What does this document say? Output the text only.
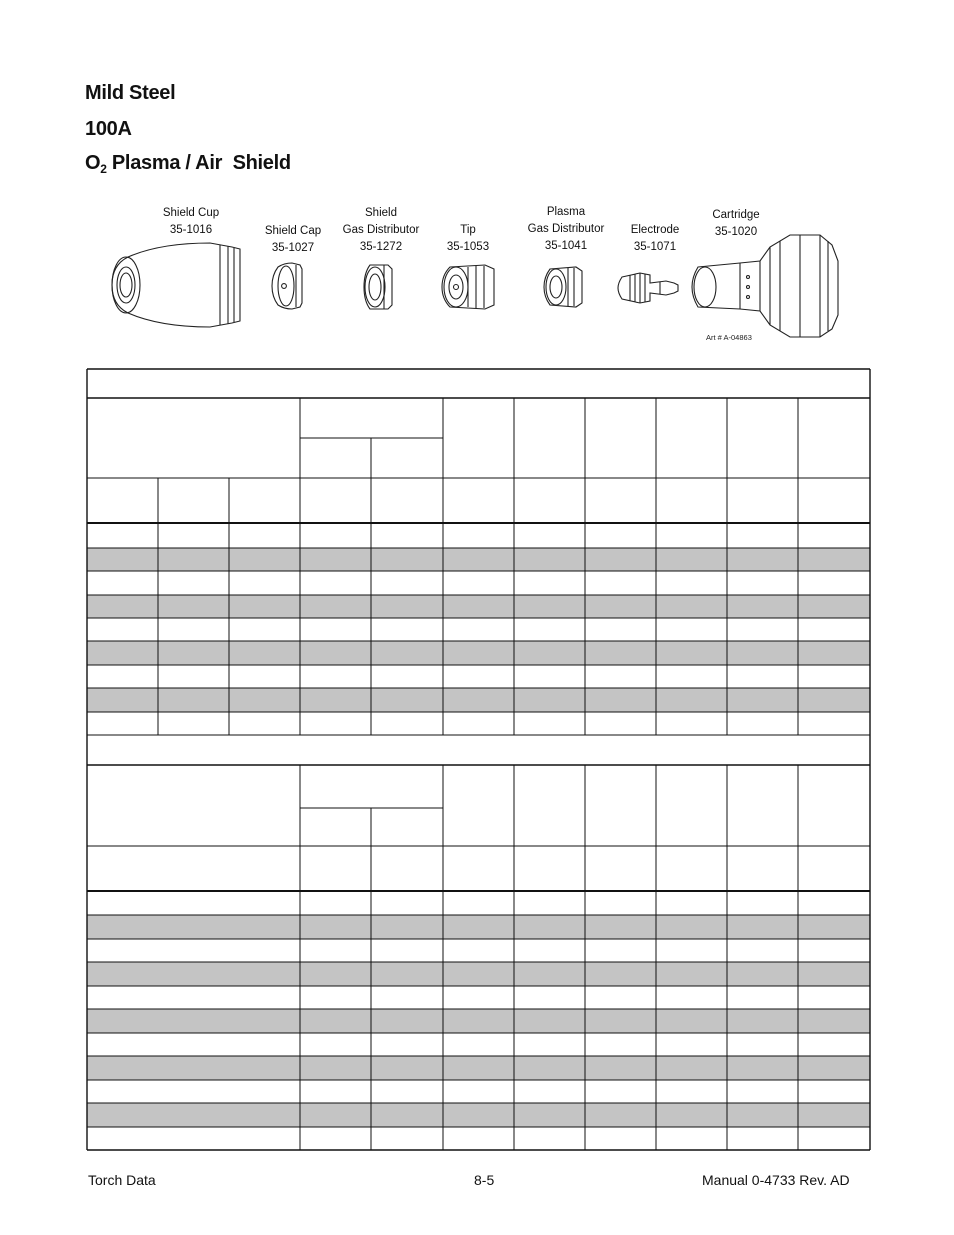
Mild Steel
100A
$O_2$ Plasma / Air  Shield
Shield Cup
35-1016	Shield Cap
35-1027
Shield
Gas Distributor
35-1272
Tip
35-1053
Plasma
Gas Distributor
35-1041
Electrode
35-1071
Cartridge
35-1020
Art # A-04863
Torch Data	8-5	Manual 0-4733 Rev. AD
